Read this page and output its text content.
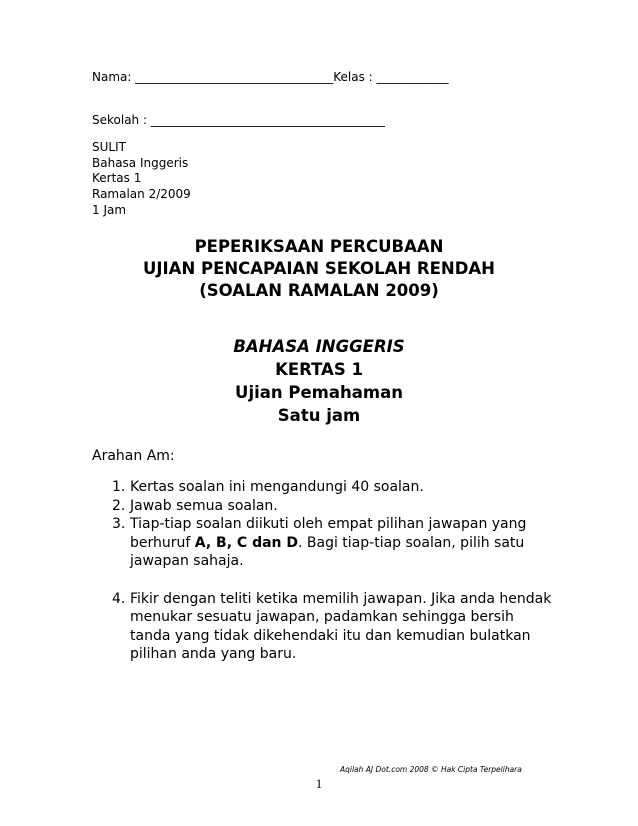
Nama: _________________________________Kelas : ____________
Sekolah : _______________________________________
SULIT
Bahasa Inggeris
Kertas 1
Ramalan 2/2009
1 Jam
PEPERIKSAAN PERCUBAAN
UJIAN PENCAPAIAN SEKOLAH RENDAH
(SOALAN RAMALAN 2009)
BAHASA INGGERIS
KERTAS 1
Ujian Pemahaman
Satu jam
Arahan Am:
1. Kertas soalan ini mengandungi 40 soalan.
2. Jawab semua soalan.
3. Tiap-tiap soalan diikuti oleh empat pilihan jawapan yang berhuruf A, B, C dan D. Bagi tiap-tiap soalan, pilih satu jawapan sahaja.
4. Fikir dengan teliti ketika memilih jawapan. Jika anda hendak menukar sesuatu jawapan, padamkan sehingga bersih tanda yang tidak dikehendaki itu dan kemudian bulatkan pilihan anda yang baru.
Aqilah AJ Dot.com 2008 © Hak Cipta Terpelihara
1
